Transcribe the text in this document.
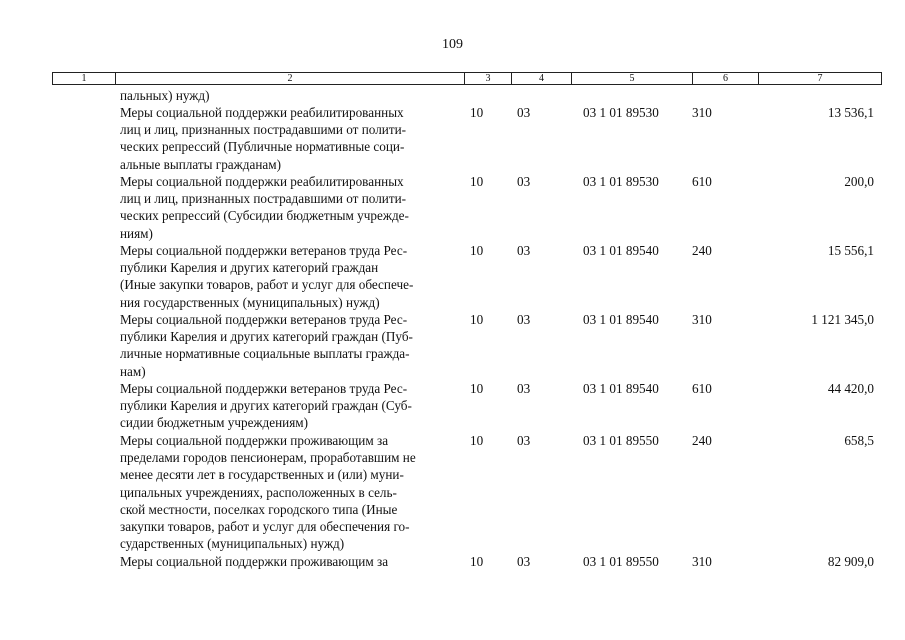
109
1	2	3	4	5	6	7
пальных) нужд)
Меры социальной поддержки реабилитированных
лиц и лиц, признанных пострадавшими от полити-
ческих репрессий (Публичные нормативные соци-
альные выплаты гражданам)
10	03	03 1 01 89530	310	13 536,1
Меры социальной поддержки реабилитированных
лиц и лиц, признанных пострадавшими от полити-
ческих репрессий (Субсидии бюджетным учрежде-
ниям)
10	03	03 1 01 89530	610	200,0
Меры социальной поддержки ветеранов труда Рес-
публики Карелия и других категорий граждан
(Иные закупки товаров, работ и услуг для обеспече-
ния государственных (муниципальных) нужд)
10	03	03 1 01 89540	240	15 556,1
Меры социальной поддержки ветеранов труда Рес-
публики Карелия и других категорий граждан (Пуб-
личные нормативные социальные выплаты гражда-
нам)
10	03	03 1 01 89540	310	1 121 345,0
Меры социальной поддержки ветеранов труда Рес-
публики Карелия и других категорий граждан (Суб-
сидии бюджетным учреждениям)
10	03	03 1 01 89540	610	44 420,0
Меры социальной поддержки проживающим за
пределами городов пенсионерам, проработавшим не
менее десяти лет в государственных и (или) муни-
ципальных учреждениях, расположенных в сель-
ской местности, поселках городского типа (Иные
закупки товаров, работ и услуг для обеспечения го-
сударственных (муниципальных) нужд)
10	03	03 1 01 89550	240	658,5
Меры социальной поддержки проживающим за	10	03	03 1 01 89550	310	82 909,0
